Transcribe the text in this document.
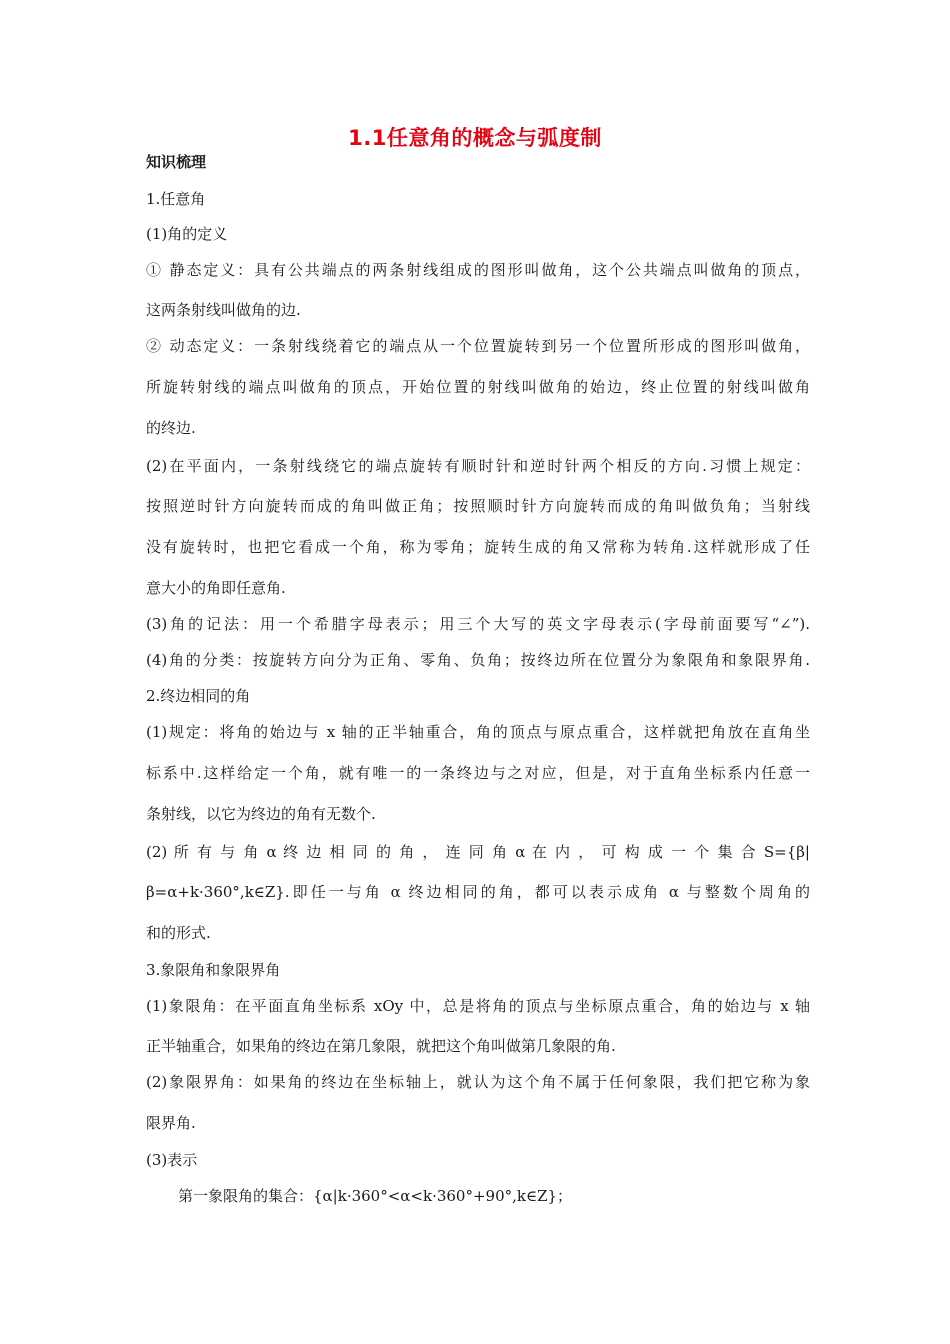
1.1任意角的概念与弧度制
知识梳理
1.任意角
(1)角的定义
① 静态定义：具有公共端点的两条射线组成的图形叫做角，这个公共端点叫做角的顶点，
这两条射线叫做角的边.
② 动态定义：一条射线绕着它的端点从一个位置旋转到另一个位置所形成的图形叫做角，
所旋转射线的端点叫做角的顶点，开始位置的射线叫做角的始边，终止位置的射线叫做角
的终边.
(2)在平面内，一条射线绕它的端点旋转有顺时针和逆时针两个相反的方向.习惯上规定：
按照逆时针方向旋转而成的角叫做正角；按照顺时针方向旋转而成的角叫做负角；当射线
没有旋转时，也把它看成一个角，称为零角；旋转生成的角又常称为转角.这样就形成了任
意大小的角即任意角.
(3)角的记法：用一个希腊字母表示；用三个大写的英文字母表示(字母前面要写“∠”).
(4)角的分类：按旋转方向分为正角、零角、负角；按终边所在位置分为象限角和象限界角.
2.终边相同的角
(1)规定：将角的始边与 x 轴的正半轴重合，角的顶点与原点重合，这样就把角放在直角坐
标系中.这样给定一个角，就有唯一的一条终边与之对应，但是，对于直角坐标系内任意一
条射线，以它为终边的角有无数个.
(2) 所 有 与 角 α 终 边 相 同 的 角 ， 连 同 角 α 在 内 ， 可 构 成 一 个 集 合 S={β|
β=α+k·360°,k∈Z}.即任一与角 α 终边相同的角，都可以表示成角 α 与整数个周角的
和的形式.
3.象限角和象限界角
(1)象限角：在平面直角坐标系 xOy 中，总是将角的顶点与坐标原点重合，角的始边与 x 轴
正半轴重合，如果角的终边在第几象限，就把这个角叫做第几象限的角.
(2)象限界角：如果角的终边在坐标轴上，就认为这个角不属于任何象限，我们把它称为象
限界角.
(3)表示
第一象限角的集合：{α|k·360°<α<k·360°+90°,k∈Z}；
